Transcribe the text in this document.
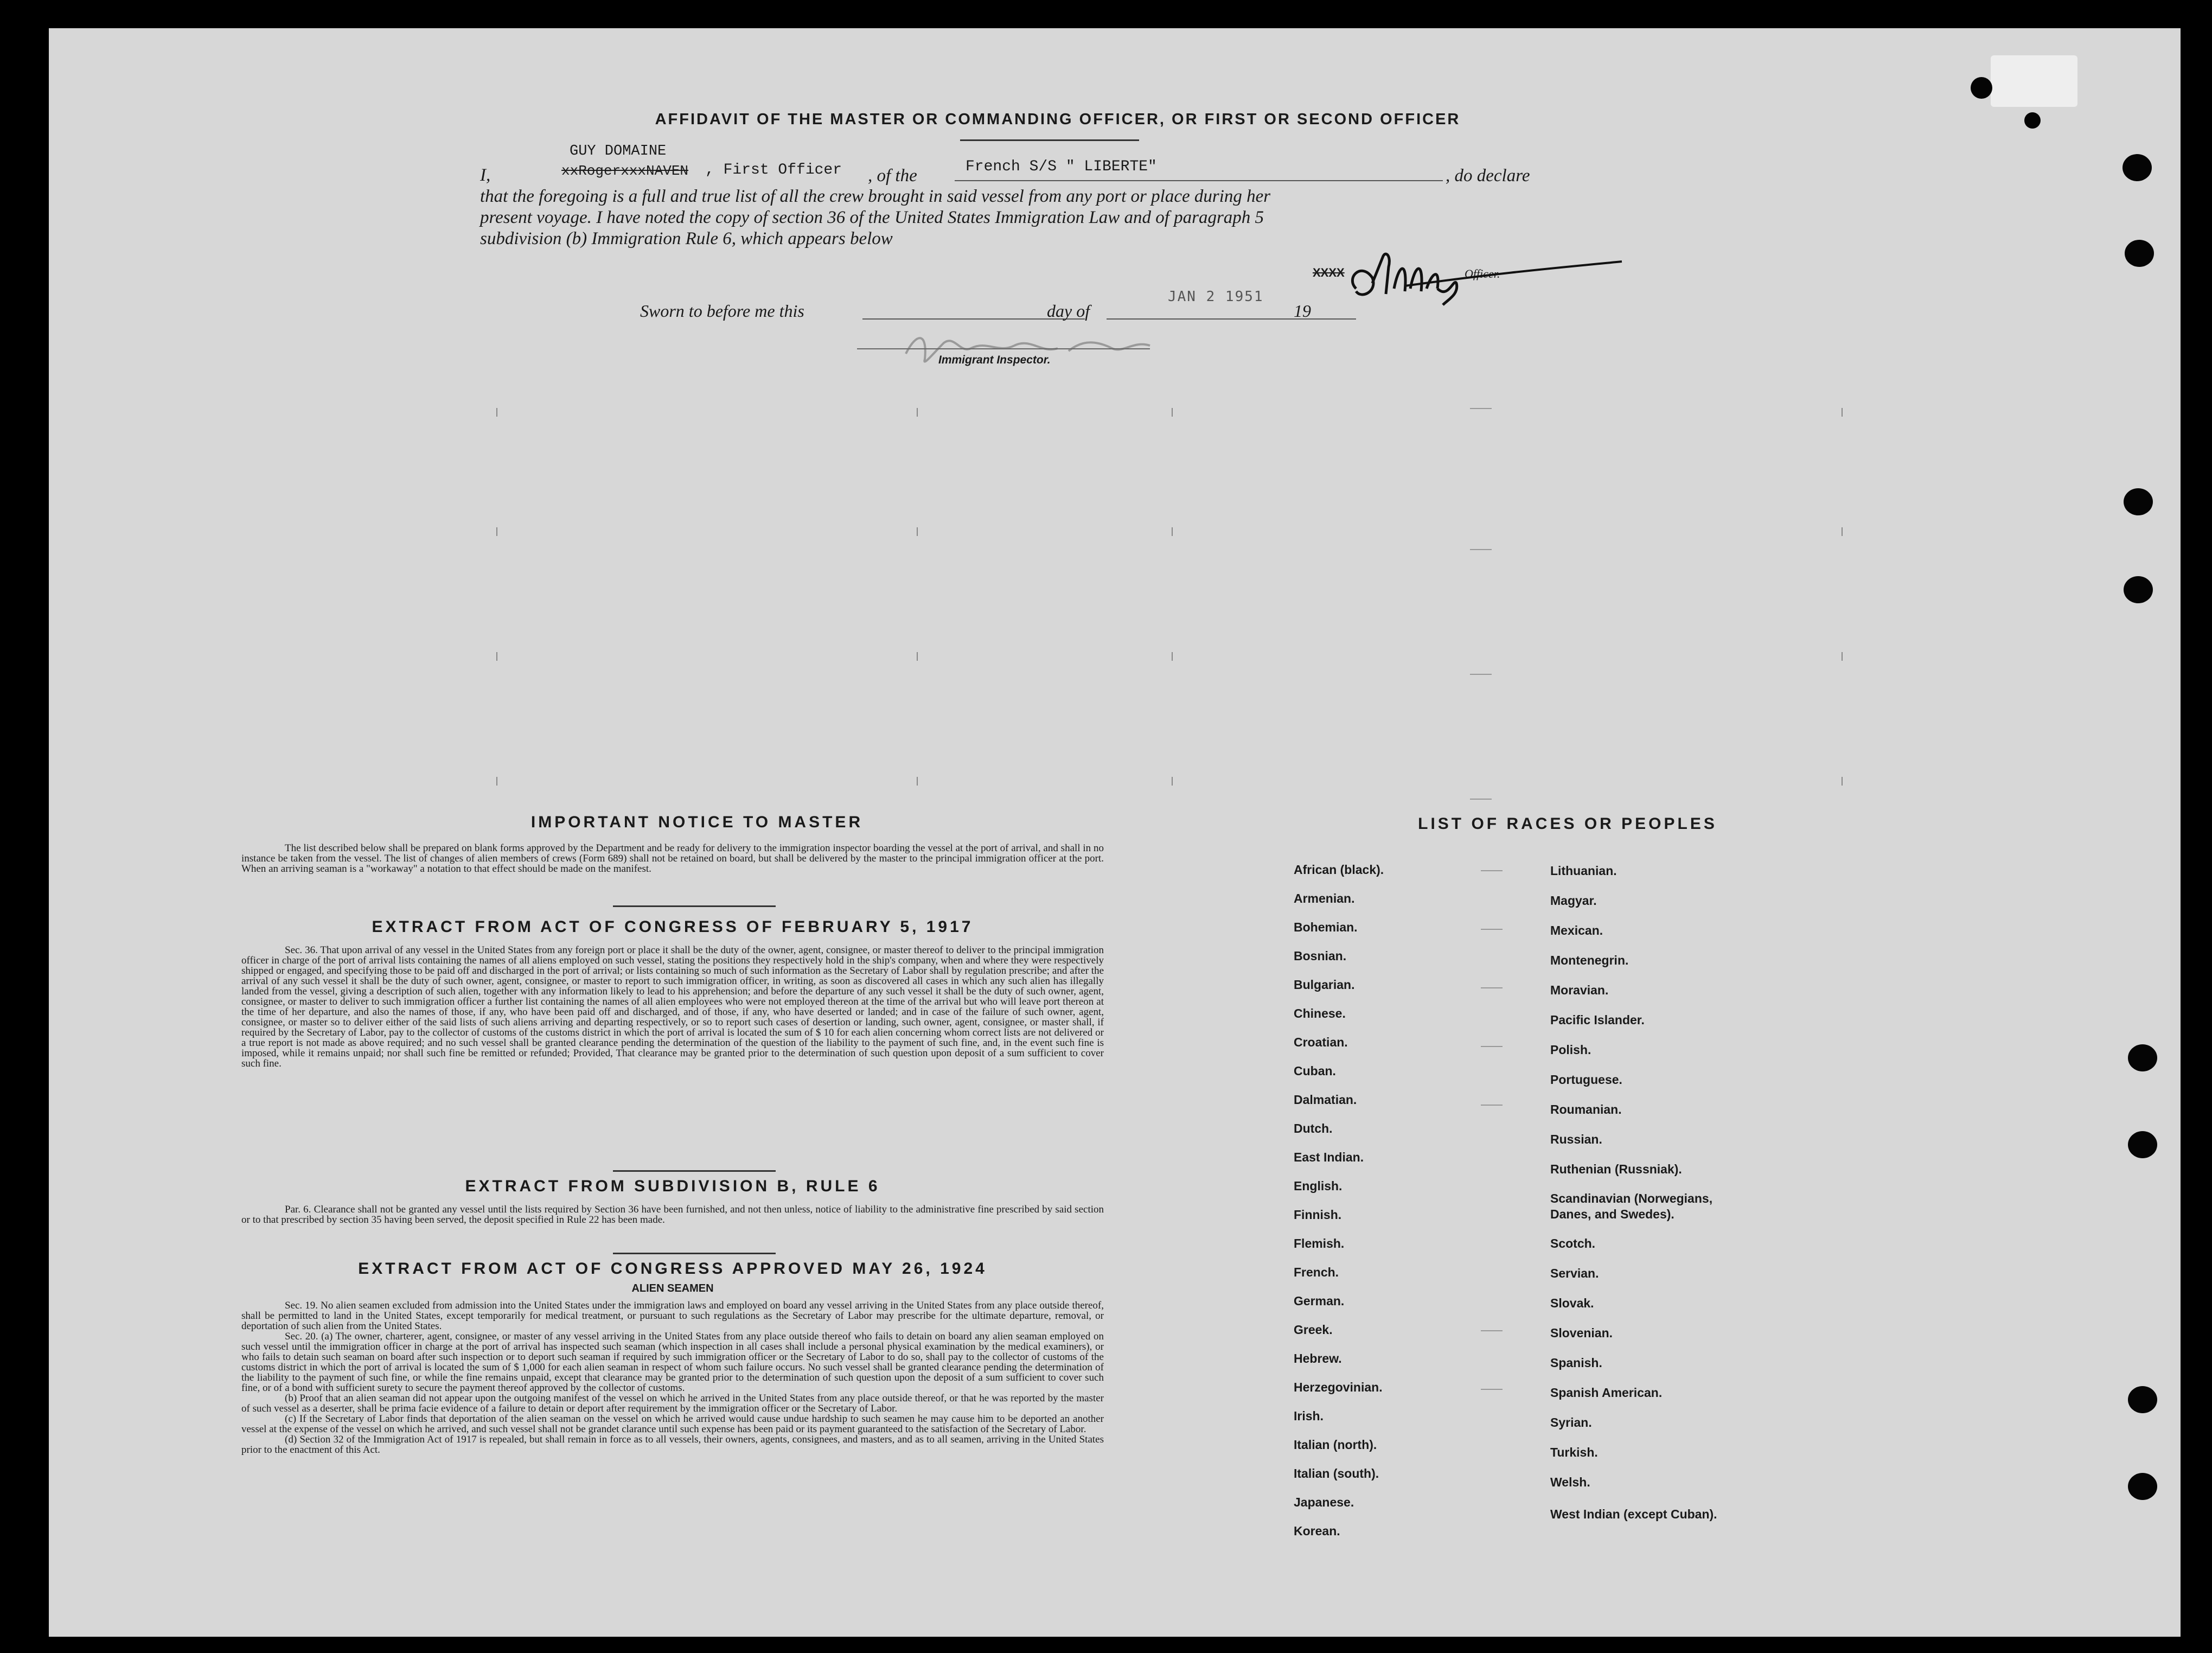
AFFIDAVIT OF THE MASTER OR COMMANDING OFFICER, OR FIRST OR SECOND OFFICER
GUY DOMAINE
I,	xxRogerxxxNAVEN , First Officer , of the	French S/S " LIBERTE"	, do declare
that the foregoing is a full and true list of all the crew brought in said vessel from any port or place during her
present voyage. I have noted the copy of section 36 of the United States Immigration Law and of paragraph 5
subdivision (b) Immigration Rule 6, which appears below
XXXX	Officer.
Sworn to before me this	day of
JAN 2 1951
19
Immigrant Inspector.
IMPORTANT NOTICE TO MASTER

The list described below shall be prepared on blank forms approved by the Department and be ready for delivery to the immigration inspector boarding the vessel at the port of arrival, and shall in no instance be taken from the vessel. The list of changes of alien members of crews (Form 689) shall not be retained on board, but shall be delivered by the master to the principal immigration officer at the port. When an arriving seaman is a "workaway" a notation to that effect should be made on the manifest.

EXTRACT FROM ACT OF CONGRESS OF FEBRUARY 5, 1917

Sec. 36. That upon arrival of any vessel in the United States from any foreign port or place it shall be the duty of the owner, agent, consignee, or master thereof to deliver to the principal immigration officer in charge of the port of arrival lists containing the names of all aliens employed on such vessel, stating the positions they respectively hold in the ship's company, when and where they were respectively shipped or engaged, and specifying those to be paid off and discharged in the port of arrival; or lists containing so much of such information as the Secretary of Labor shall by regulation prescribe; and after the arrival of any such vessel it shall be the duty of such owner, agent, consignee, or master to report to such immigration officer, in writing, as soon as discovered all cases in which any such alien has illegally landed from the vessel, giving a description of such alien, together with any information likely to lead to his apprehension; and before the departure of any such vessel it shall be the duty of such owner, agent, consignee, or master to deliver to such immigration officer a further list containing the names of all alien employees who were not employed thereon at the time of the arrival but who will leave port thereon at the time of her departure, and also the names of those, if any, who have been paid off and discharged, and of those, if any, who have deserted or landed; and in case of the failure of such owner, agent, consignee, or master so to deliver either of the said lists of such aliens arriving and departing respectively, or so to report such cases of desertion or landing, such owner, agent, consignee, or master shall, if required by the Secretary of Labor, pay to the collector of customs of the customs district in which the port of arrival is located the sum of $ 10 for each alien concerning whom correct lists are not delivered or a true report is not made as above required; and no such vessel shall be granted clearance pending the determination of the question of the liability to the payment of such fine, and, in the event such fine is imposed, while it remains unpaid; nor shall such fine be remitted or refunded; Provided, That clearance may be granted prior to the determination of such question upon deposit of a sum sufficient to cover such fine.

EXTRACT FROM SUBDIVISION B, RULE 6

Par. 6. Clearance shall not be granted any vessel until the lists required by Section 36 have been furnished, and not then unless, notice of liability to the administrative fine prescribed by said section or to that prescribed by section 35 having been served, the deposit specified in Rule 22 has been made.

EXTRACT FROM ACT OF CONGRESS APPROVED MAY 26, 1924
ALIEN SEAMEN

Sec. 19. No alien seamen excluded from admission into the United States under the immigration laws and employed on board any vessel arriving in the United States from any place outside thereof, shall be permitted to land in the United States, except temporarily for medical treatment, or pursuant to such regulations as the Secretary of Labor may prescribe for the ultimate departure, removal, or deportation of such alien from the United States.

Sec. 20. (a) The owner, charterer, agent, consignee, or master of any vessel arriving in the United States from any place outside thereof who fails to detain on board any alien seaman employed on such vessel until the immigration officer in charge at the port of arrival has inspected such seaman (which inspection in all cases shall include a personal physical examination by the medical examiners), or who fails to detain such seaman on board after such inspection or to deport such seaman if required by such immigration officer or the Secretary of Labor to do so, shall pay to the collector of customs of the customs district in which the port of arrival is located the sum of $ 1,000 for each alien seaman in respect of whom such failure occurs. No such vessel shall be granted clearance pending the determination of the liability to the payment of such fine, or while the fine remains unpaid, except that clearance may be granted prior to the determination of such question upon the deposit of a sum sufficient to cover such fine, or of a bond with sufficient surety to secure the payment thereof approved by the collector of customs.

(b) Proof that an alien seaman did not appear upon the outgoing manifest of the vessel on which he arrived in the United States from any place outside thereof, or that he was reported by the master of such vessel as a deserter, shall be prima facie evidence of a failure to detain or deport after requirement by the immigration officer or the Secretary of Labor.

(c) If the Secretary of Labor finds that deportation of the alien seaman on the vessel on which he arrived would cause undue hardship to such seamen he may cause him to be deported an another vessel at the expense of the vessel on which he arrived, and such vessel shall not be grandet clarance until such expense has been paid or its payment guaranteed to the satisfaction of the Secretary of Labor.

(d) Section 32 of the Immigration Act of 1917 is repealed, but shall remain in force as to all vessels, their owners, agents, consignees, and masters, and as to all seamen, arriving in the United States prior to the enactment of this Act.

LIST OF RACES OR PEOPLES
African (black).
Armenian.
Bohemian.
Bosnian.
Bulgarian.
Chinese.
Croatian.
Cuban.
Dalmatian.
Dutch.
East Indian.
English.
Finnish.
Flemish.
French.
German.
Greek.
Hebrew.
Herzegovinian.
Irish.
Italian (north).
Italian (south).
Japanese.
Korean.
Lithuanian.
Magyar.
Mexican.
Montenegrin.
Moravian.
Pacific Islander.
Polish.
Portuguese.
Roumanian.
Russian.
Ruthenian (Russniak).
Scandinavian (Norwegians, Danes, and Swedes).
Scotch.
Servian.
Slovak.
Slovenian.
Spanish.
Spanish American.
Syrian.
Turkish.
Welsh.
West Indian (except Cuban).
